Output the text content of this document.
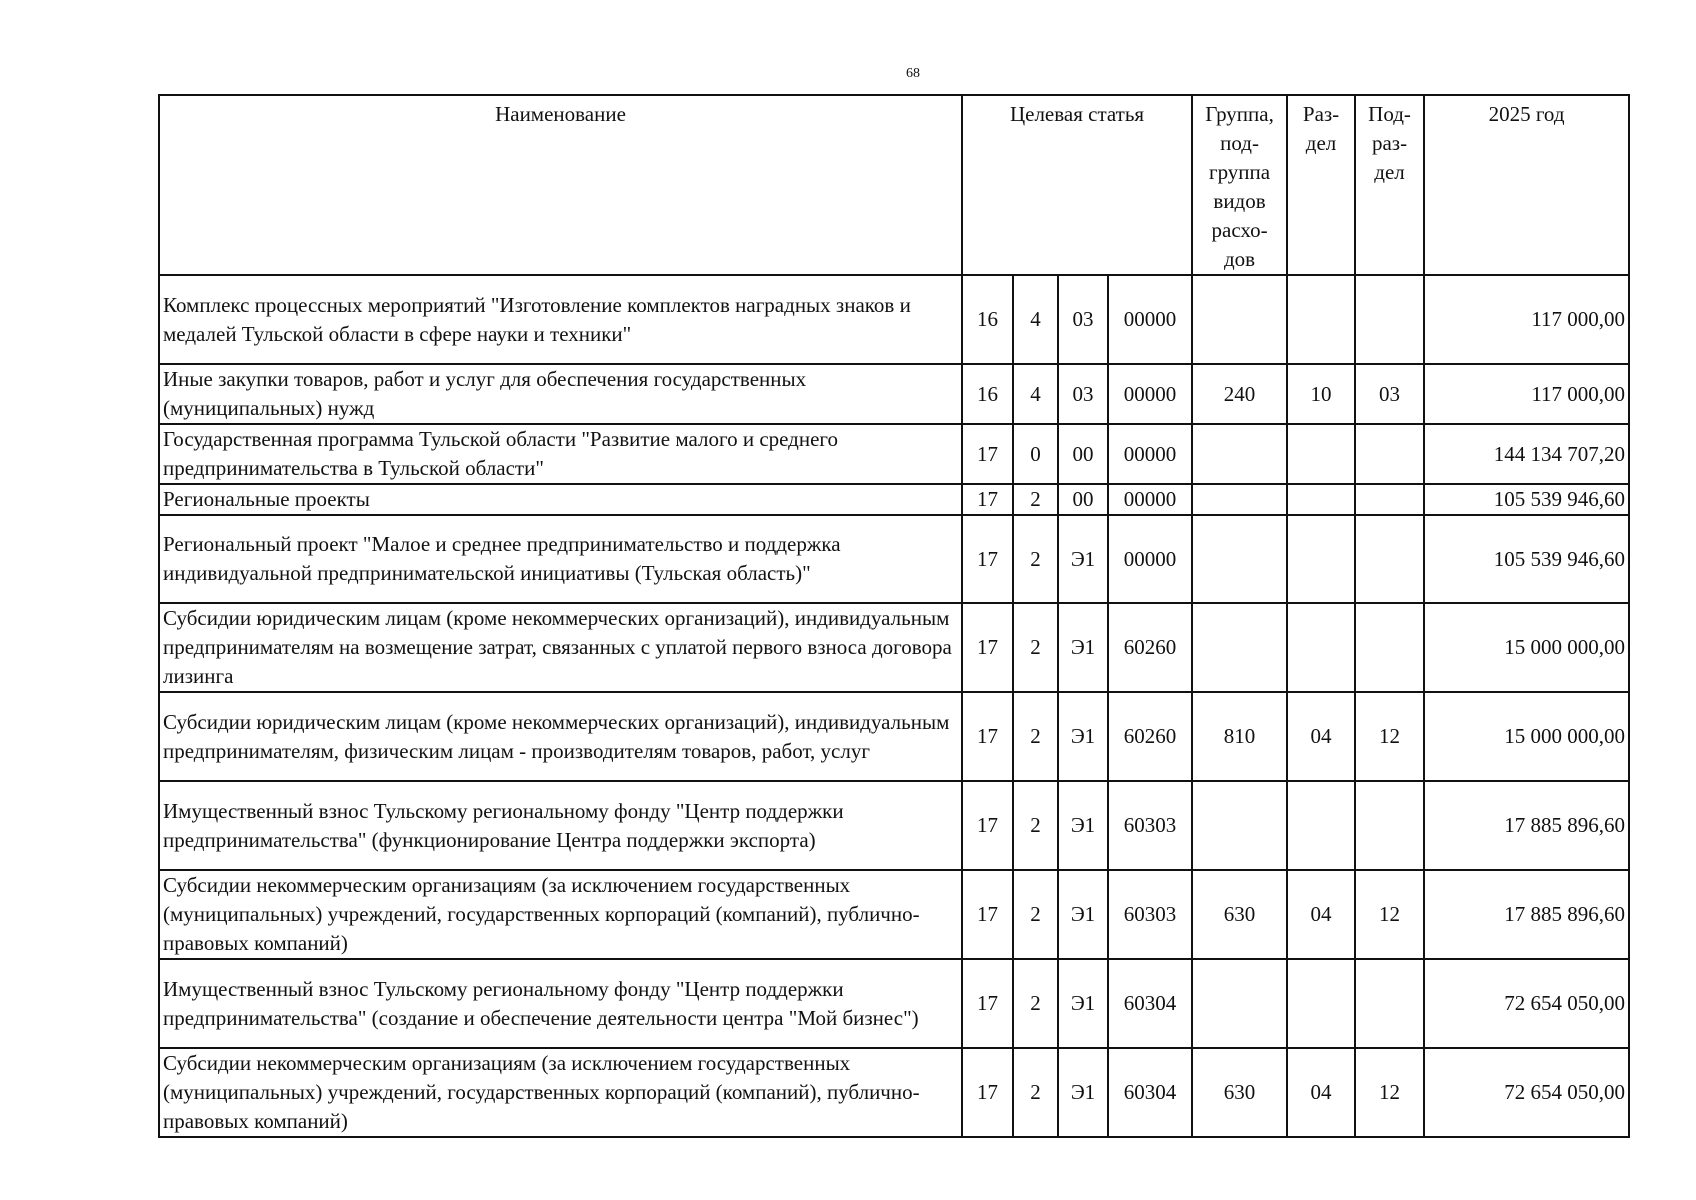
68
Наименование	Целевая статья				Группа, под-группа видов расхо-дов	Раз-дел	Под-раз-дел	2025 год
Комплекс процессных мероприятий "Изготовление комплектов наградных знаков и медалей Тульской области в сфере науки и техники"	16	4	03	00000				117 000,00
Иные закупки товаров, работ и услуг для обеспечения государственных (муниципальных) нужд	16	4	03	00000	240	10	03	117 000,00
Государственная программа Тульской области "Развитие малого и среднего предпринимательства в Тульской области"	17	0	00	00000				144 134 707,20
Региональные проекты	17	2	00	00000				105 539 946,60
Региональный проект "Малое и среднее предпринимательство и поддержка индивидуальной предпринимательской инициативы (Тульская область)"	17	2	Э1	00000				105 539 946,60
Субсидии юридическим лицам (кроме некоммерческих организаций), индивидуальным предпринимателям на возмещение затрат, связанных с уплатой первого взноса договора лизинга	17	2	Э1	60260				15 000 000,00
Субсидии юридическим лицам (кроме некоммерческих организаций), индивидуальным предпринимателям, физическим лицам - производителям товаров, работ, услуг	17	2	Э1	60260	810	04	12	15 000 000,00
Имущественный взнос Тульскому региональному фонду "Центр поддержки предпринимательства" (функционирование Центра поддержки экспорта)	17	2	Э1	60303				17 885 896,60
Субсидии некоммерческим организациям (за исключением государственных (муниципальных) учреждений, государственных корпораций (компаний), публично-правовых компаний)	17	2	Э1	60303	630	04	12	17 885 896,60
Имущественный взнос Тульскому региональному фонду "Центр поддержки предпринимательства" (создание и обеспечение деятельности центра "Мой бизнес")	17	2	Э1	60304				72 654 050,00
Субсидии некоммерческим организациям (за исключением государственных (муниципальных) учреждений, государственных корпораций (компаний), публично-правовых компаний)	17	2	Э1	60304	630	04	12	72 654 050,00
